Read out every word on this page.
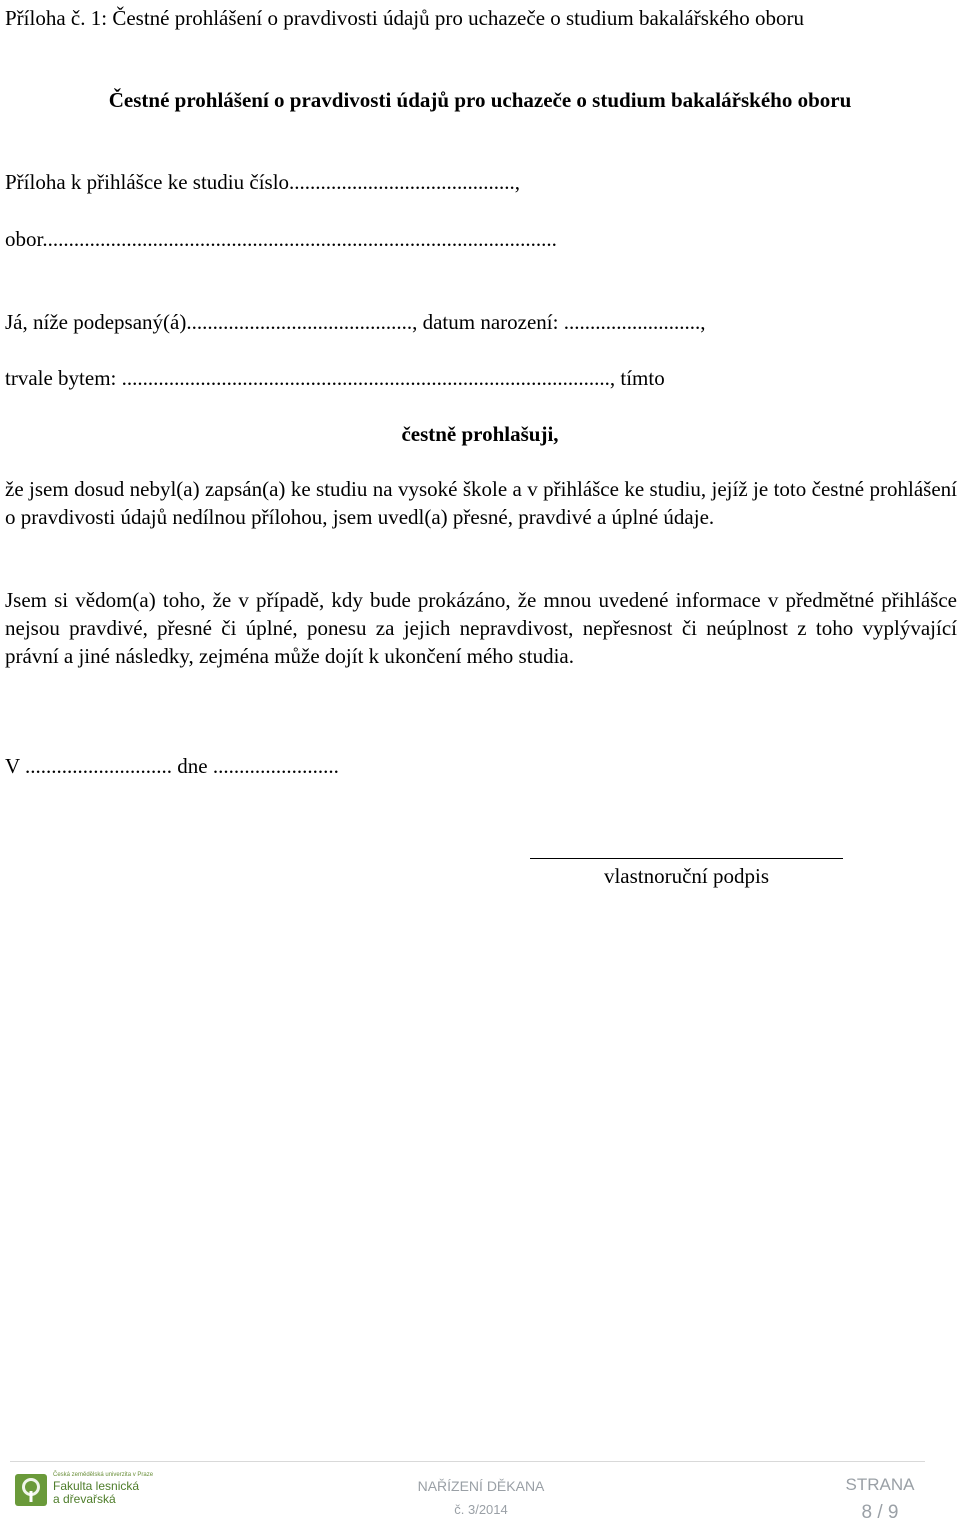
Příloha č. 1: Čestné prohlášení o pravdivosti údajů pro uchazeče o studium bakalářského oboru
Čestné prohlášení o pravdivosti údajů pro uchazeče o studium bakalářského oboru
Příloha k přihlášce ke studiu číslo...........................................,
obor..................................................................................................
Já, níže podepsaný(á)..........................................., datum narození: ..........................,
trvale bytem: ............................................................................................., tímto
čestně prohlašuji,
že jsem dosud nebyl(a) zapsán(a) ke studiu na vysoké škole a v přihlášce ke studiu, jejíž je toto čestné prohlášení o pravdivosti údajů nedílnou přílohou, jsem uvedl(a) přesné, pravdivé a úplné údaje.
Jsem si vědom(a) toho, že v případě, kdy bude prokázáno, že mnou uvedené informace v předmětné přihlášce nejsou pravdivé, přesné či úplné, ponesu za jejich nepravdivost, nepřesnost či neúplnost z toho vyplývající právní a jiné následky, zejména může dojít k ukončení mého studia.
V ............................ dne ........................
vlastnoruční podpis
Česká zemědělská univerzita v Praze
Fakulta lesnická
a dřevařská
NAŘÍZENÍ DĚKANA
č. 3/2014
STRANA
8 / 9
